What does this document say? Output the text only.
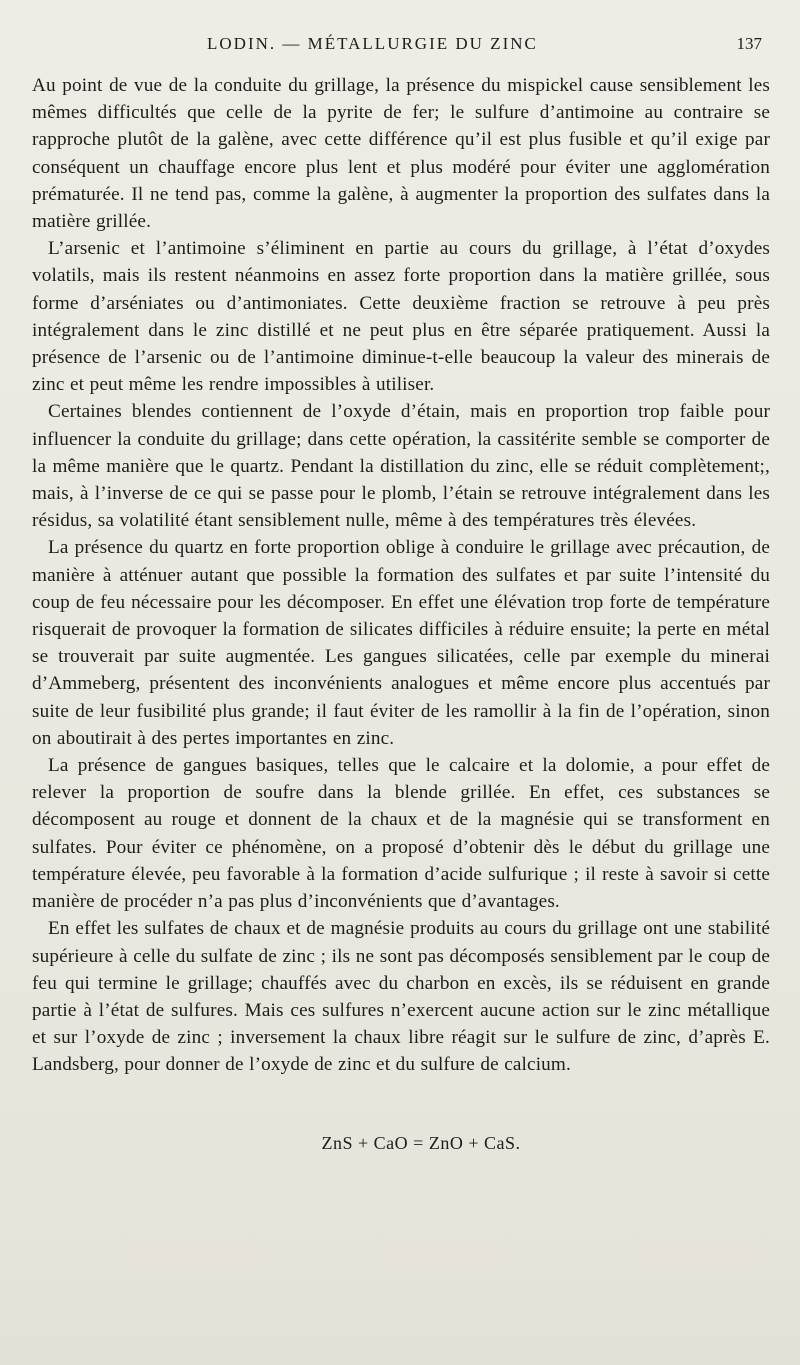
LODIN. — MÉTALLURGIE DU ZINC	137

Au point de vue de la conduite du grillage, la présence du mispickel cause sensiblement les mêmes difficultés que celle de la pyrite de fer; le sulfure d’antimoine au contraire se rapproche plutôt de la galène, avec cette différence qu’il est plus fusible et qu’il exige par conséquent un chauffage encore plus lent et plus modéré pour éviter une agglomération prématurée. Il ne tend pas, comme la galène, à augmenter la proportion des sulfates dans la matière grillée.

L’arsenic et l’antimoine s’éliminent en partie au cours du grillage, à l’état d’oxydes volatils, mais ils restent néanmoins en assez forte proportion dans la matière grillée, sous forme d’arséniates ou d’antimoniates. Cette deuxième fraction se retrouve à peu près intégralement dans le zinc distillé et ne peut plus en être séparée pratiquement. Aussi la présence de l’arsenic ou de l’antimoine diminue-t-elle beaucoup la valeur des minerais de zinc et peut même les rendre impossibles à utiliser.

Certaines blendes contiennent de l’oxyde d’étain, mais en proportion trop faible pour influencer la conduite du grillage; dans cette opération, la cassitérite semble se comporter de la même manière que le quartz. Pendant la distillation du zinc, elle se réduit complètement;, mais, à l’inverse de ce qui se passe pour le plomb, l’étain se retrouve intégralement dans les résidus, sa volatilité étant sensiblement nulle, même à des températures très élevées.

La présence du quartz en forte proportion oblige à conduire le grillage avec précaution, de manière à atténuer autant que possible la formation des sulfates et par suite l’intensité du coup de feu nécessaire pour les décomposer. En effet une élévation trop forte de température risquerait de provoquer la formation de silicates difficiles à réduire ensuite; la perte en métal se trouverait par suite augmentée. Les gangues silicatées, celle par exemple du minerai d’Ammeberg, présentent des inconvénients analogues et même encore plus accentués par suite de leur fusibilité plus grande; il faut éviter de les ramollir à la fin de l’opération, sinon on aboutirait à des pertes importantes en zinc.

La présence de gangues basiques, telles que le calcaire et la dolomie, a pour effet de relever la proportion de soufre dans la blende grillée. En effet, ces substances se décomposent au rouge et donnent de la chaux et de la magnésie qui se transforment en sulfates. Pour éviter ce phénomène, on a proposé d’obtenir dès le début du grillage une température élevée, peu favorable à la formation d’acide sulfurique ; il reste à savoir si cette manière de procéder n’a pas plus d’inconvénients que d’avantages.

En effet les sulfates de chaux et de magnésie produits au cours du grillage ont une stabilité supérieure à celle du sulfate de zinc ; ils ne sont pas décomposés sensiblement par le coup de feu qui termine le grillage; chauffés avec du charbon en excès, ils se réduisent en grande partie à l’état de sulfures. Mais ces sulfures n’exercent aucune action sur le zinc métallique et sur l’oxyde de zinc ; inversement la chaux libre réagit sur le sulfure de zinc, d’après E. Landsberg, pour donner de l’oxyde de zinc et du sulfure de calcium.

ZnS + CaO = ZnO + CaS.
